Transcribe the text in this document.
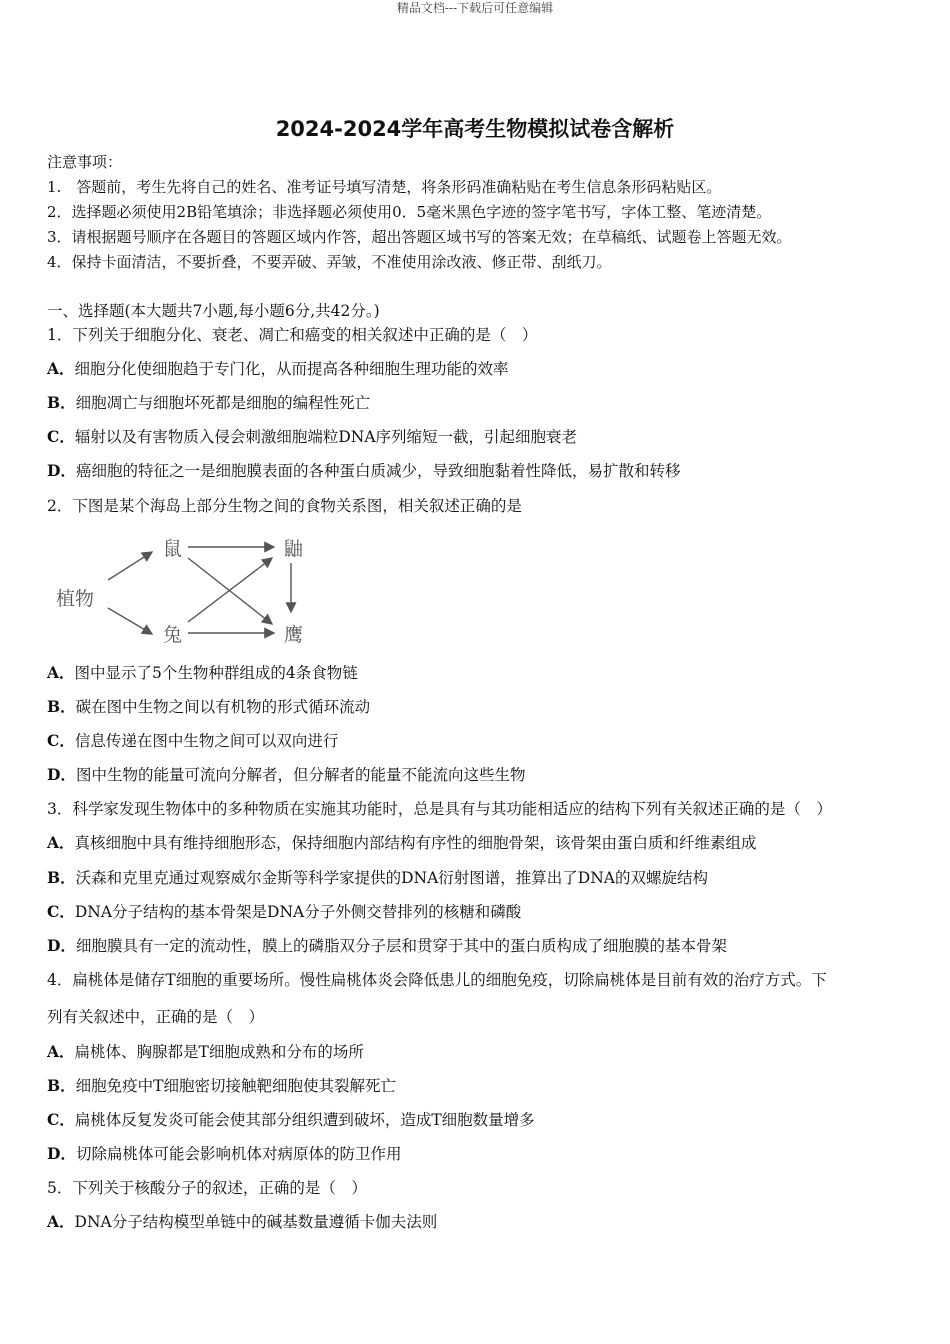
精品文档---下载后可任意编辑
2024-2024学年高考生物模拟试卷含解析
注意事项：
1.　答题前，考生先将自己的姓名、准考证号填写清楚，将条形码准确粘贴在考生信息条形码粘贴区。
2．选择题必须使用2B铅笔填涂；非选择题必须使用0．5毫米黑色字迹的签字笔书写，字体工整、笔迹清楚。
3．请根据题号顺序在各题目的答题区域内作答，超出答题区域书写的答案无效；在草稿纸、试题卷上答题无效。
4．保持卡面清洁，不要折叠，不要弄破、弄皱，不准使用涂改液、修正带、刮纸刀。
一、选择题(本大题共7小题,每小题6分,共42分。)
1．下列关于细胞分化、衰老、凋亡和癌变的相关叙述中正确的是（　）
A．细胞分化使细胞趋于专门化，从而提高各种细胞生理功能的效率
B．细胞凋亡与细胞坏死都是细胞的编程性死亡
C．辐射以及有害物质入侵会刺激细胞端粒DNA序列缩短一截，引起细胞衰老
D．癌细胞的特征之一是细胞膜表面的各种蛋白质减少，导致细胞黏着性降低，易扩散和转移
2．下图是某个海岛上部分生物之间的食物关系图，相关叙述正确的是
植物
鼠
兔
鼬
鹰
A．图中显示了5个生物种群组成的4条食物链
B．碳在图中生物之间以有机物的形式循环流动
C．信息传递在图中生物之间可以双向进行
D．图中生物的能量可流向分解者，但分解者的能量不能流向这些生物
3．科学家发现生物体中的多种物质在实施其功能时，总是具有与其功能相适应的结构下列有关叙述正确的是（　）
A．真核细胞中具有维持细胞形态，保持细胞内部结构有序性的细胞骨架，该骨架由蛋白质和纤维素组成
B．沃森和克里克通过观察威尔金斯等科学家提供的DNA衍射图谱，推算出了DNA的双螺旋结构
C．DNA分子结构的基本骨架是DNA分子外侧交替排列的核糖和磷酸
D．细胞膜具有一定的流动性，膜上的磷脂双分子层和贯穿于其中的蛋白质构成了细胞膜的基本骨架
4．扁桃体是储存T细胞的重要场所。慢性扁桃体炎会降低患儿的细胞免疫，切除扁桃体是目前有效的治疗方式。下
列有关叙述中，正确的是（　）
A．扁桃体、胸腺都是T细胞成熟和分布的场所
B．细胞免疫中T细胞密切接触靶细胞使其裂解死亡
C．扁桃体反复发炎可能会使其部分组织遭到破坏，造成T细胞数量增多
D．切除扁桃体可能会影响机体对病原体的防卫作用
5．下列关于核酸分子的叙述，正确的是（　）
A．DNA分子结构模型单链中的碱基数量遵循卡伽夫法则
